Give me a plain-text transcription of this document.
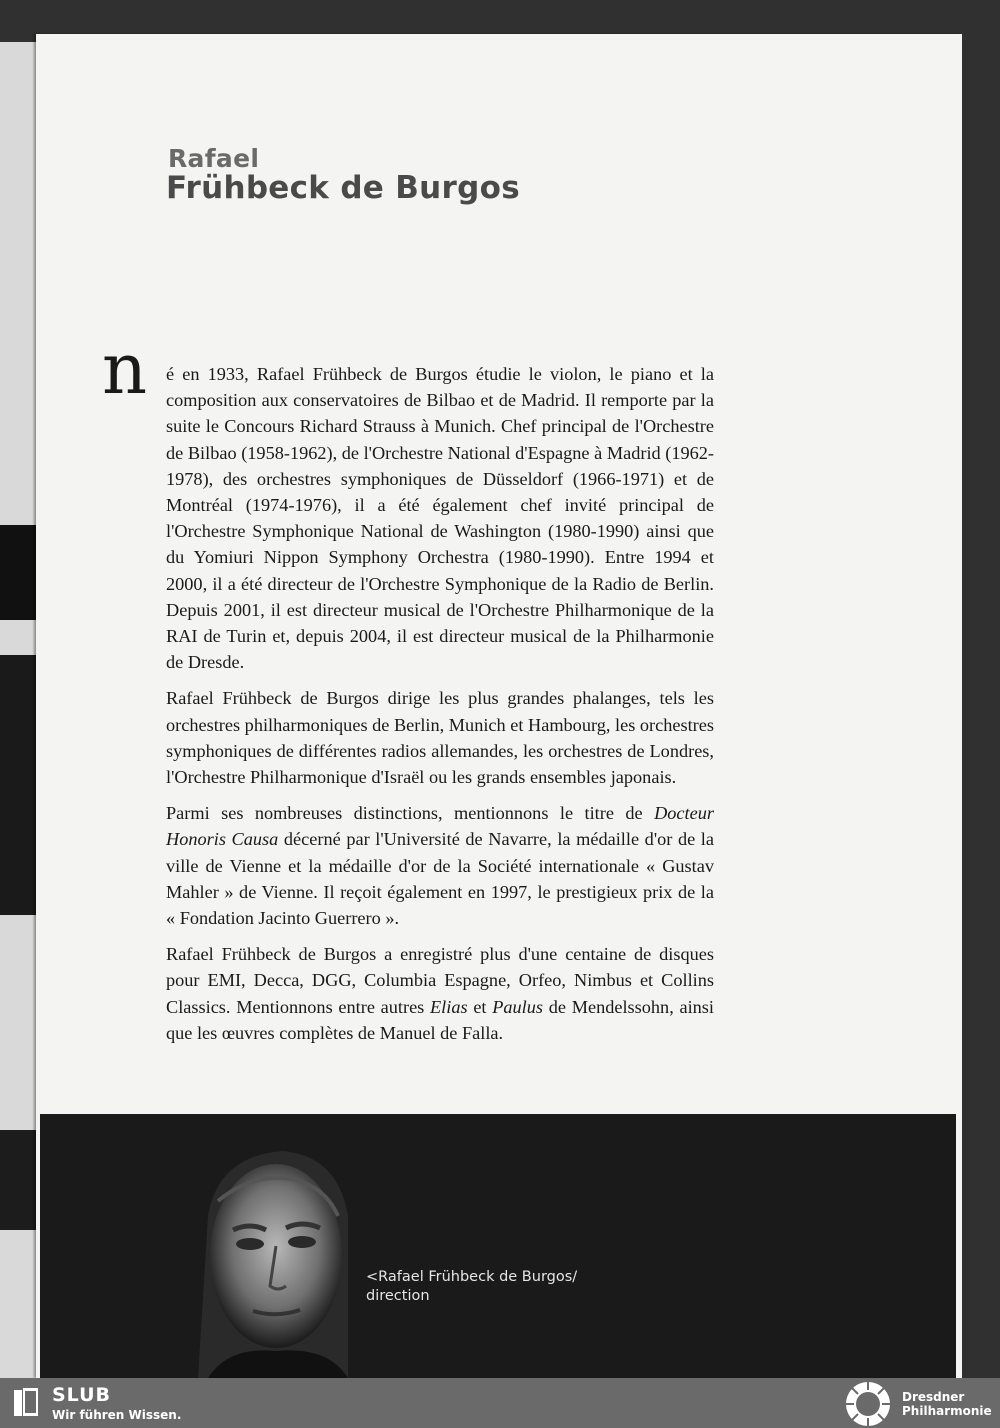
Rafael
Frühbeck de Burgos
n é en 1933, Rafael Frühbeck de Burgos étudie le violon, le piano et la composition aux conservatoires de Bilbao et de Madrid. Il remporte par la suite le Concours Richard Strauss à Munich. Chef principal de l'Orchestre de Bilbao (1958-1962), de l'Orchestre National d'Espagne à Madrid (1962-1978), des orchestres symphoniques de Düsseldorf (1966-1971) et de Montréal (1974-1976), il a été également chef invité principal de l'Orchestre Symphonique National de Washington (1980-1990) ainsi que du Yomiuri Nippon Symphony Orchestra (1980-1990). Entre 1994 et 2000, il a été directeur de l'Orchestre Symphonique de la Radio de Berlin. Depuis 2001, il est directeur musical de l'Orchestre Philharmonique de la RAI de Turin et, depuis 2004, il est directeur musical de la Philharmonie de Dresde.

Rafael Frühbeck de Burgos dirige les plus grandes phalanges, tels les orchestres philharmoniques de Berlin, Munich et Hambourg, les orchestres symphoniques de différentes radios allemandes, les orchestres de Londres, l'Orchestre Philharmonique d'Israël ou les grands ensembles japonais.

Parmi ses nombreuses distinctions, mentionnons le titre de Docteur Honoris Causa décerné par l'Université de Navarre, la médaille d'or de la ville de Vienne et la médaille d'or de la Société internationale « Gustav Mahler » de Vienne. Il reçoit également en 1997, le prestigieux prix de la « Fondation Jacinto Guerrero ».

Rafael Frühbeck de Burgos a enregistré plus d'une centaine de disques pour EMI, Decca, DGG, Columbia Espagne, Orfeo, Nimbus et Collins Classics. Mentionnons entre autres Elias et Paulus de Mendelssohn, ainsi que les œuvres complètes de Manuel de Falla.

<Rafael Frühbeck de Burgos/
direction
SLUB
Wir führen Wissen.
Dresdner
Philharmonie
